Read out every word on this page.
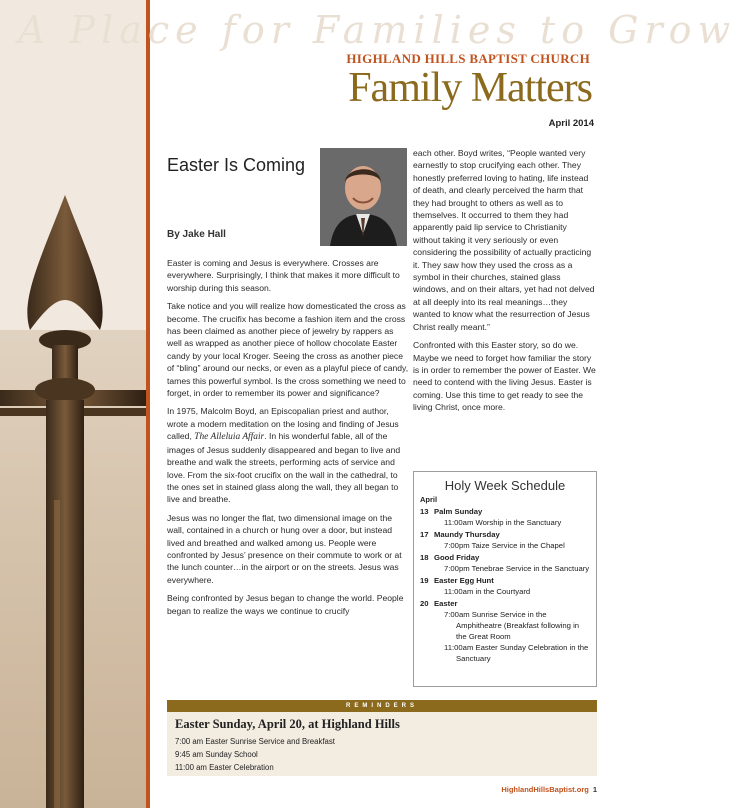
A Place for Families to Grow
HIGHLAND HILLS BAPTIST CHURCH
Family Matters
April 2014
Easter Is Coming
By Jake Hall

Easter is coming and Jesus is everywhere. Crosses are everywhere. Surprisingly, I think that makes it more difficult to worship during this season.

Take notice and you will realize how domesticated the cross as become. The crucifix has become a fashion item and the cross has been claimed as another piece of jewelry by rappers as well as wrapped as another piece of hollow chocolate Easter candy by your local Kroger. Seeing the cross as another piece of “bling” around our necks, or even as a playful piece of candy, tames this powerful symbol. Is the cross something we need to forget, in order to remember its power and significance?

In 1975, Malcolm Boyd, an Episcopalian priest and author, wrote a modern meditation on the losing and finding of Jesus called, The Alleluia Affair. In his wonderful fable, all of the images of Jesus suddenly disappeared and began to live and breathe and walk the streets, performing acts of service and love. From the six-foot crucifix on the wall in the cathedral, to the ones set in stained glass along the wall, they all began to live and breathe.

Jesus was no longer the flat, two dimensional image on the wall, contained in a church or hung over a door, but instead lived and breathed and walked among us. People were confronted by Jesus’ presence on their commute to work or at the lunch counter…in the airport or on the streets. Jesus was everywhere.

Being confronted by Jesus began to change the world. People began to realize the ways we continue to crucify

each other. Boyd writes, “People wanted very earnestly to stop crucifying each other. They honestly preferred loving to hating, life instead of death, and clearly perceived the harm that they had brought to others as well as to themselves. It occurred to them they had apparently paid lip service to Christianity without taking it very seriously or even considering the possibility of actually practicing it. They saw how they used the cross as a symbol in their churches, stained glass windows, and on their altars, yet had not delved at all deeply into its real meanings…they wanted to know what the resurrection of Jesus Christ really meant.”

Confronted with this Easter story, so do we. Maybe we need to forget how familiar the story is in order to remember the power of Easter. We need to contend with the living Jesus. Easter is coming. Use this time to get ready to see the living Christ, once more.

Holy Week Schedule
April
13 Palm Sunday
11:00am Worship in the Sanctuary
17 Maundy Thursday
7:00pm Taize Service in the Chapel
18 Good Friday
7:00pm Tenebrae Service in the Sanctuary
19 Easter Egg Hunt
11:00am in the Courtyard
20 Easter
7:00am Sunrise Service in the Amphitheatre (Breakfast following in the Great Room
11:00am Easter Sunday Celebration in the Sanctuary
REMINDERS
Easter Sunday, April 20, at Highland Hills
7:00 am Easter Sunrise Service and Breakfast
9:45 am Sunday School
11:00 am Easter Celebration
HighlandHillsBaptist.org 1
